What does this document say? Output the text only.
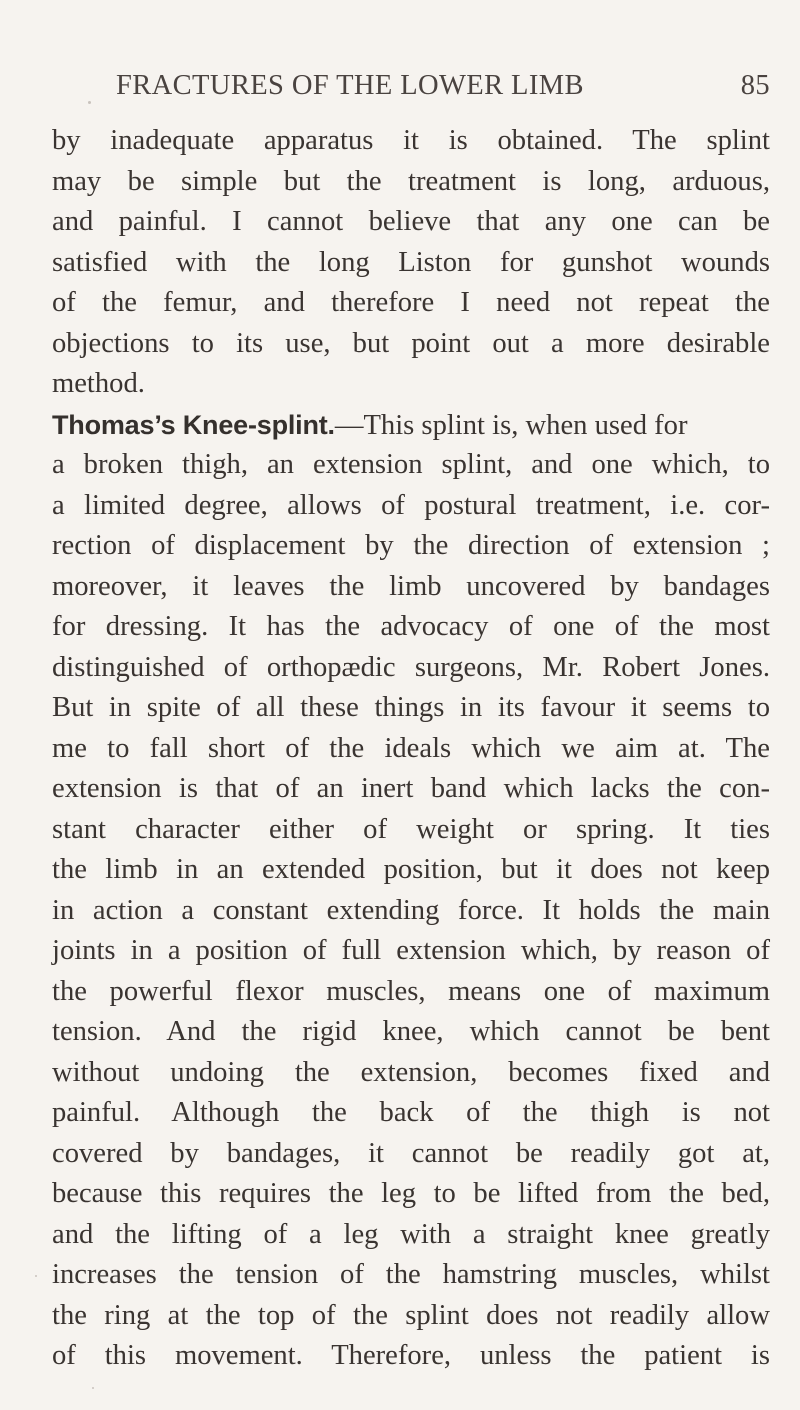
FRACTURES OF THE LOWER LIMB	85
by inadequate apparatus it is obtained. The splint
may be simple but the treatment is long, arduous,
and painful. I cannot believe that any one can be
satisfied with the long Liston for gunshot wounds
of the femur, and therefore I need not repeat the
objections to its use, but point out a more desirable
method.
Thomas’s Knee-splint.—This splint is, when used for
a broken thigh, an extension splint, and one which, to
a limited degree, allows of postural treatment, i.e. cor-
rection of displacement by the direction of extension ;
moreover, it leaves the limb uncovered by bandages
for dressing. It has the advocacy of one of the most
distinguished of orthopædic surgeons, Mr. Robert Jones.
But in spite of all these things in its favour it seems to
me to fall short of the ideals which we aim at. The
extension is that of an inert band which lacks the con-
stant character either of weight or spring. It ties
the limb in an extended position, but it does not keep
in action a constant extending force. It holds the main
joints in a position of full extension which, by reason of
the powerful flexor muscles, means one of maximum
tension. And the rigid knee, which cannot be bent
without undoing the extension, becomes fixed and
painful. Although the back of the thigh is not
covered by bandages, it cannot be readily got at,
because this requires the leg to be lifted from the bed,
and the lifting of a leg with a straight knee greatly
increases the tension of the hamstring muscles, whilst
the ring at the top of the splint does not readily allow
of this movement. Therefore, unless the patient is
